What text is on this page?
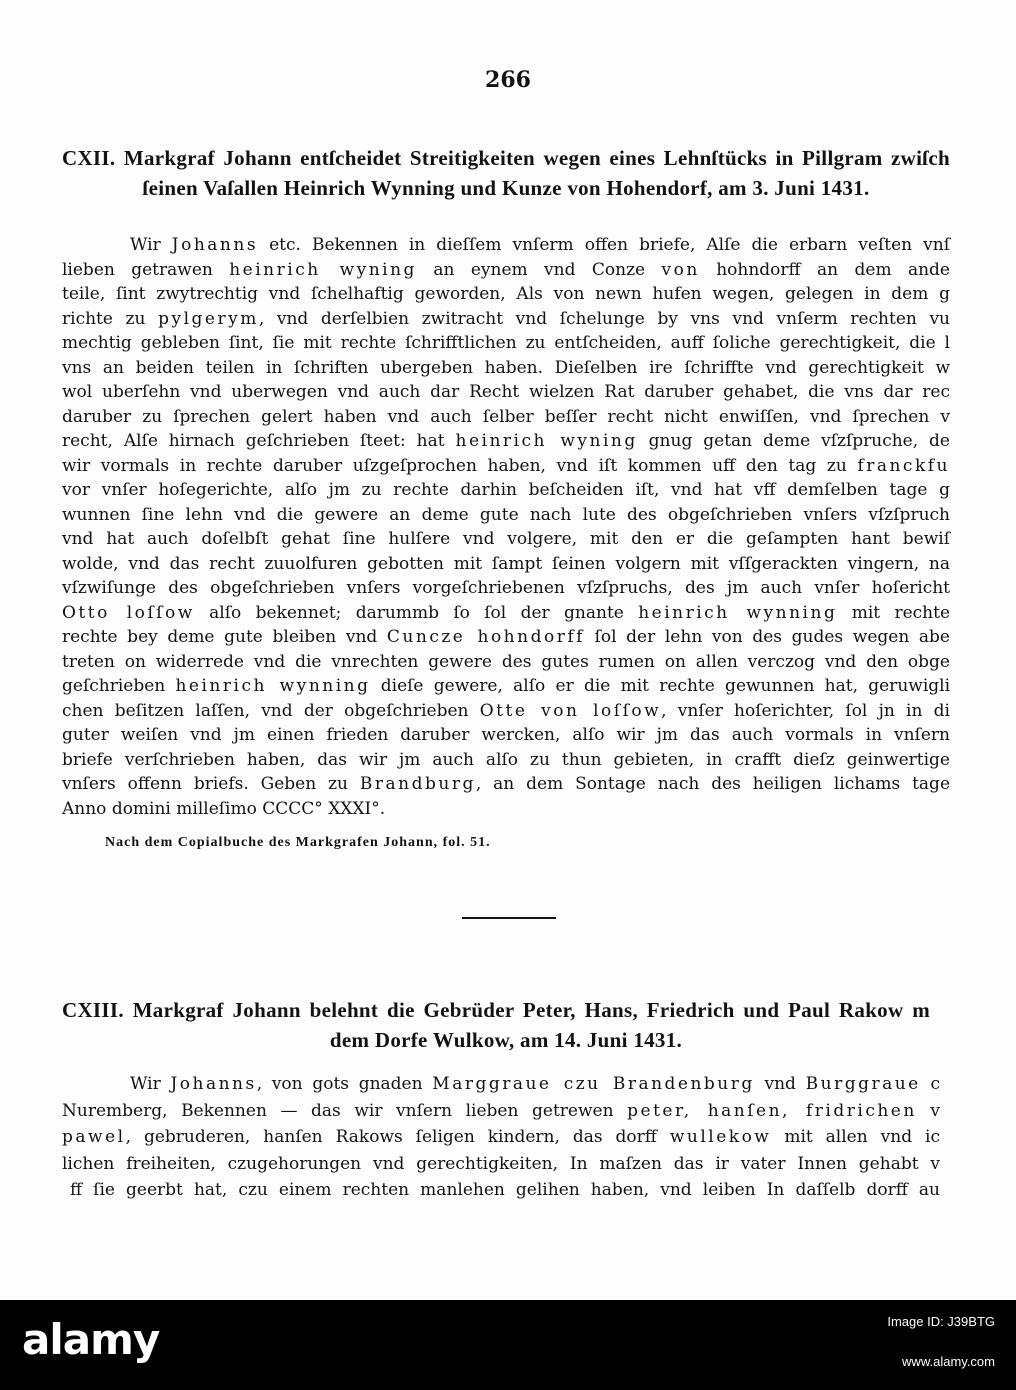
266
CXII. Markgraf Johann entſcheidet Streitigkeiten wegen eines Lehnſtücks in Pillgram zwiſch
ſeinen Vaſallen Heinrich Wynning und Kunze von Hohendorf, am 3. Juni 1431.
Wir Johanns etc. Bekennen in dieſſem vnſerm offen briefe, Alſe die erbarn veſten vnſ
lieben getrawen heinrich wyning an eynem vnd Conze von hohndorff an dem ande
teile, ſint zwytrechtig vnd ſchelhaftig geworden, Als von newn hufen wegen, gelegen in dem g
richte zu pylgerym, vnd derſelbien zwitracht vnd ſchelunge by vns vnd vnſerm rechten vu
mechtig gebleben ſint, ſie mit rechte ſchrifftlichen zu entſcheiden, auff ſoliche gerechtigkeit, die l
vns an beiden teilen in ſchriften ubergeben haben. Dieſelben ire ſchriffte vnd gerechtigkeit w
wol uberſehn vnd uberwegen vnd auch dar Recht wielzen Rat daruber gehabet, die vns dar rec
daruber zu ſprechen gelert haben vnd auch ſelber beſſer recht nicht enwiſſen, vnd ſprechen v
recht, Alſe hirnach geſchrieben ſteet: hat heinrich wyning gnug getan deme vſzſpruche, de
wir vormals in rechte daruber uſzgeſprochen haben, vnd iſt kommen uff den tag zu franckfu
vor vnſer hoſegerichte, alſo jm zu rechte darhin beſcheiden iſt, vnd hat vff demſelben tage g
wunnen ſine lehn vnd die gewere an deme gute nach lute des obgeſchrieben vnſers vſzſpruch
vnd hat auch doſelbſt gehat ſine hulſere vnd volgere, mit den er die geſampten hant bewiſ
wolde, vnd das recht zuuolfuren gebotten mit ſampt ſeinen volgern mit vſſgerackten vingern, na
vſzwiſunge des obgeſchrieben vnſers vorgeſchriebenen vſzſpruchs, des jm auch vnſer hoſericht
Otto loſſow alſo bekennet; darummb ſo ſol der gnante heinrich wynning mit rechte
rechte bey deme gute bleiben vnd Cuncze hohndorff ſol der lehn von des gudes wegen abe
treten on widerrede vnd die vnrechten gewere des gutes rumen on allen verczog vnd den obge
geſchrieben heinrich wynning dieſe gewere, alſo er die mit rechte gewunnen hat, geruwigli
chen beſitzen laſſen, vnd der obgeſchrieben Otte von loſſow, vnſer hoſerichter, ſol jn in di
guter weiſen vnd jm einen frieden daruber wercken, alſo wir jm das auch vormals in vnſern
briefe verſchrieben haben, das wir jm auch alſo zu thun gebieten, in crafft dieſz geinwertige
vnſers offenn briefs. Geben zu Brandburg, an dem Sontage nach des heiligen lichams tage
Anno domini milleſimo CCCC° XXXI°.
Nach dem Copialbuche des Markgrafen Johann, fol. 51.
CXIII. Markgraf Johann belehnt die Gebrüder Peter, Hans, Friedrich und Paul Rakow m
dem Dorfe Wulkow, am 14. Juni 1431.
Wir Johanns, von gots gnaden Marggraue czu Brandenburg vnd Burggraue c
Nuremberg, Bekennen — das wir vnſern lieben getrewen peter, hanſen, fridrichen v
pawel, gebruderen, hanſen Rakows ſeligen kindern, das dorff wullekow mit allen vnd ic
lichen freiheiten, czugehorungen vnd gerechtigkeiten, In maſzen das ir vater Innen gehabt v
ff ſie geerbt hat, czu einem rechten manlehen gelihen haben, vnd leiben In daſſelb dorff au
alamy	Image ID: J39BTG
www.alamy.com
